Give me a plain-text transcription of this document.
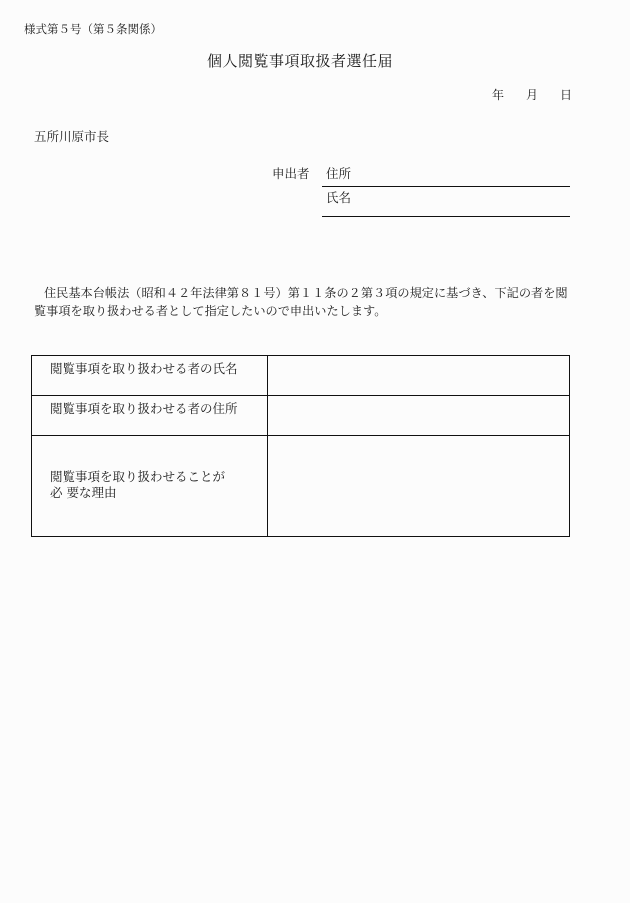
様式第５号（第５条関係）
個人閲覧事項取扱者選任届
年 月 日
五所川原市長
申出者 住所
氏名
住民基本台帳法（昭和４２年法律第８１号）第１１条の２第３項の規定に基づき、下記の者を閲覧事項を取り扱わせる者として指定したいので申出いたします。
閲覧事項を取り扱わせる者の氏名	

閲覧事項を取り扱わせる者の住所	

閲覧事項を取り扱わせることが
必 要な理由	
